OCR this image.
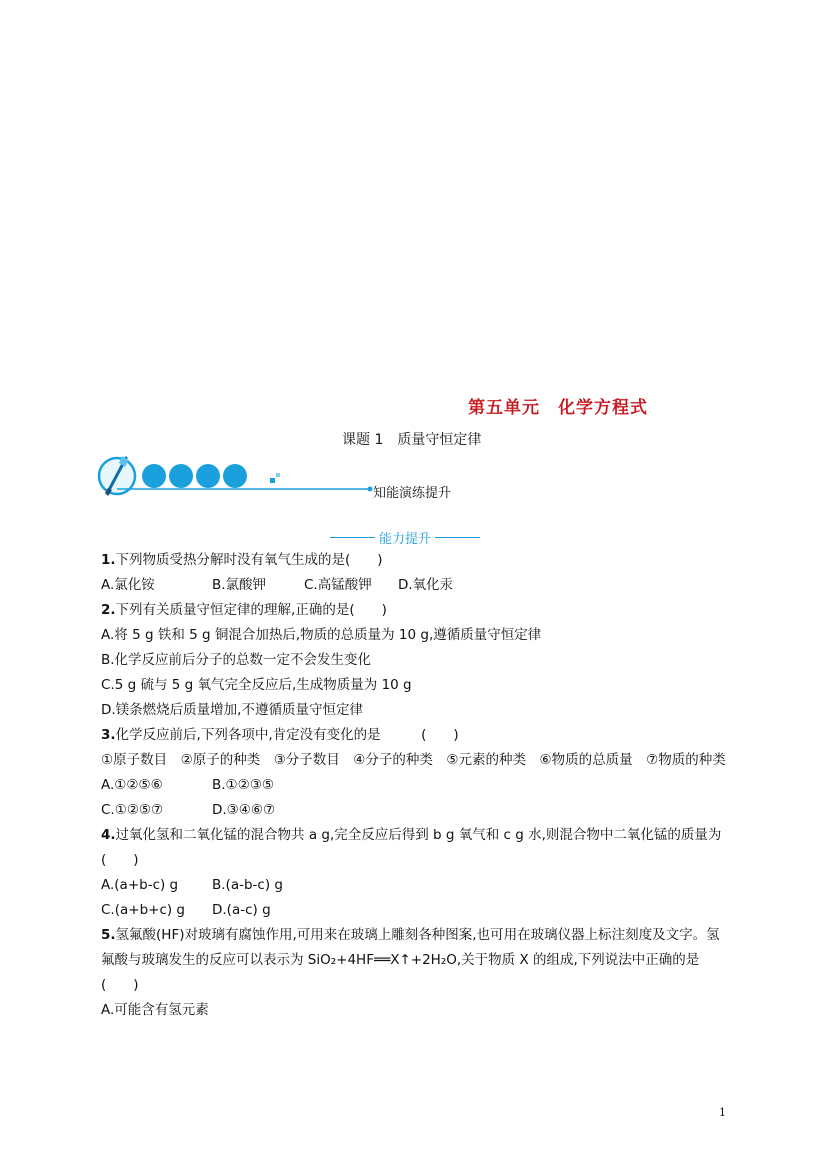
第五单元　化学方程式
课题 1　质量守恒定律
知能演练提升
能力提升
1.下列物质受热分解时没有氧气生成的是(　　)
A.氯化铵	B.氯酸钾	C.高锰酸钾	D.氧化汞
2.下列有关质量守恒定律的理解,正确的是(　　)
A.将 5 g 铁和 5 g 铜混合加热后,物质的总质量为 10 g,遵循质量守恒定律
B.化学反应前后分子的总数一定不会发生变化
C.5 g 硫与 5 g 氧气完全反应后,生成物质量为 10 g
D.镁条燃烧后质量增加,不遵循质量守恒定律
3.化学反应前后,下列各项中,肯定没有变化的是　　　(　　)
①原子数目　②原子的种类　③分子数目　④分子的种类　⑤元素的种类　⑥物质的总质量　⑦物质的种类
A.①②⑤⑥	B.①②③⑤
C.①②⑤⑦	D.③④⑥⑦
4.过氧化氢和二氧化锰的混合物共 a g,完全反应后得到 b g 氧气和 c g 水,则混合物中二氧化锰的质量为(　　)
A.(a+b-c) g	B.(a-b-c) g
C.(a+b+c) g	D.(a-c) g
5.氢氟酸(HF)对玻璃有腐蚀作用,可用来在玻璃上雕刻各种图案,也可用在玻璃仪器上标注刻度及文字。氢氟酸与玻璃发生的反应可以表示为 SiO₂+4HF══X↑+2H₂O,关于物质 X 的组成,下列说法中正确的是(　　)
A.可能含有氢元素
1
